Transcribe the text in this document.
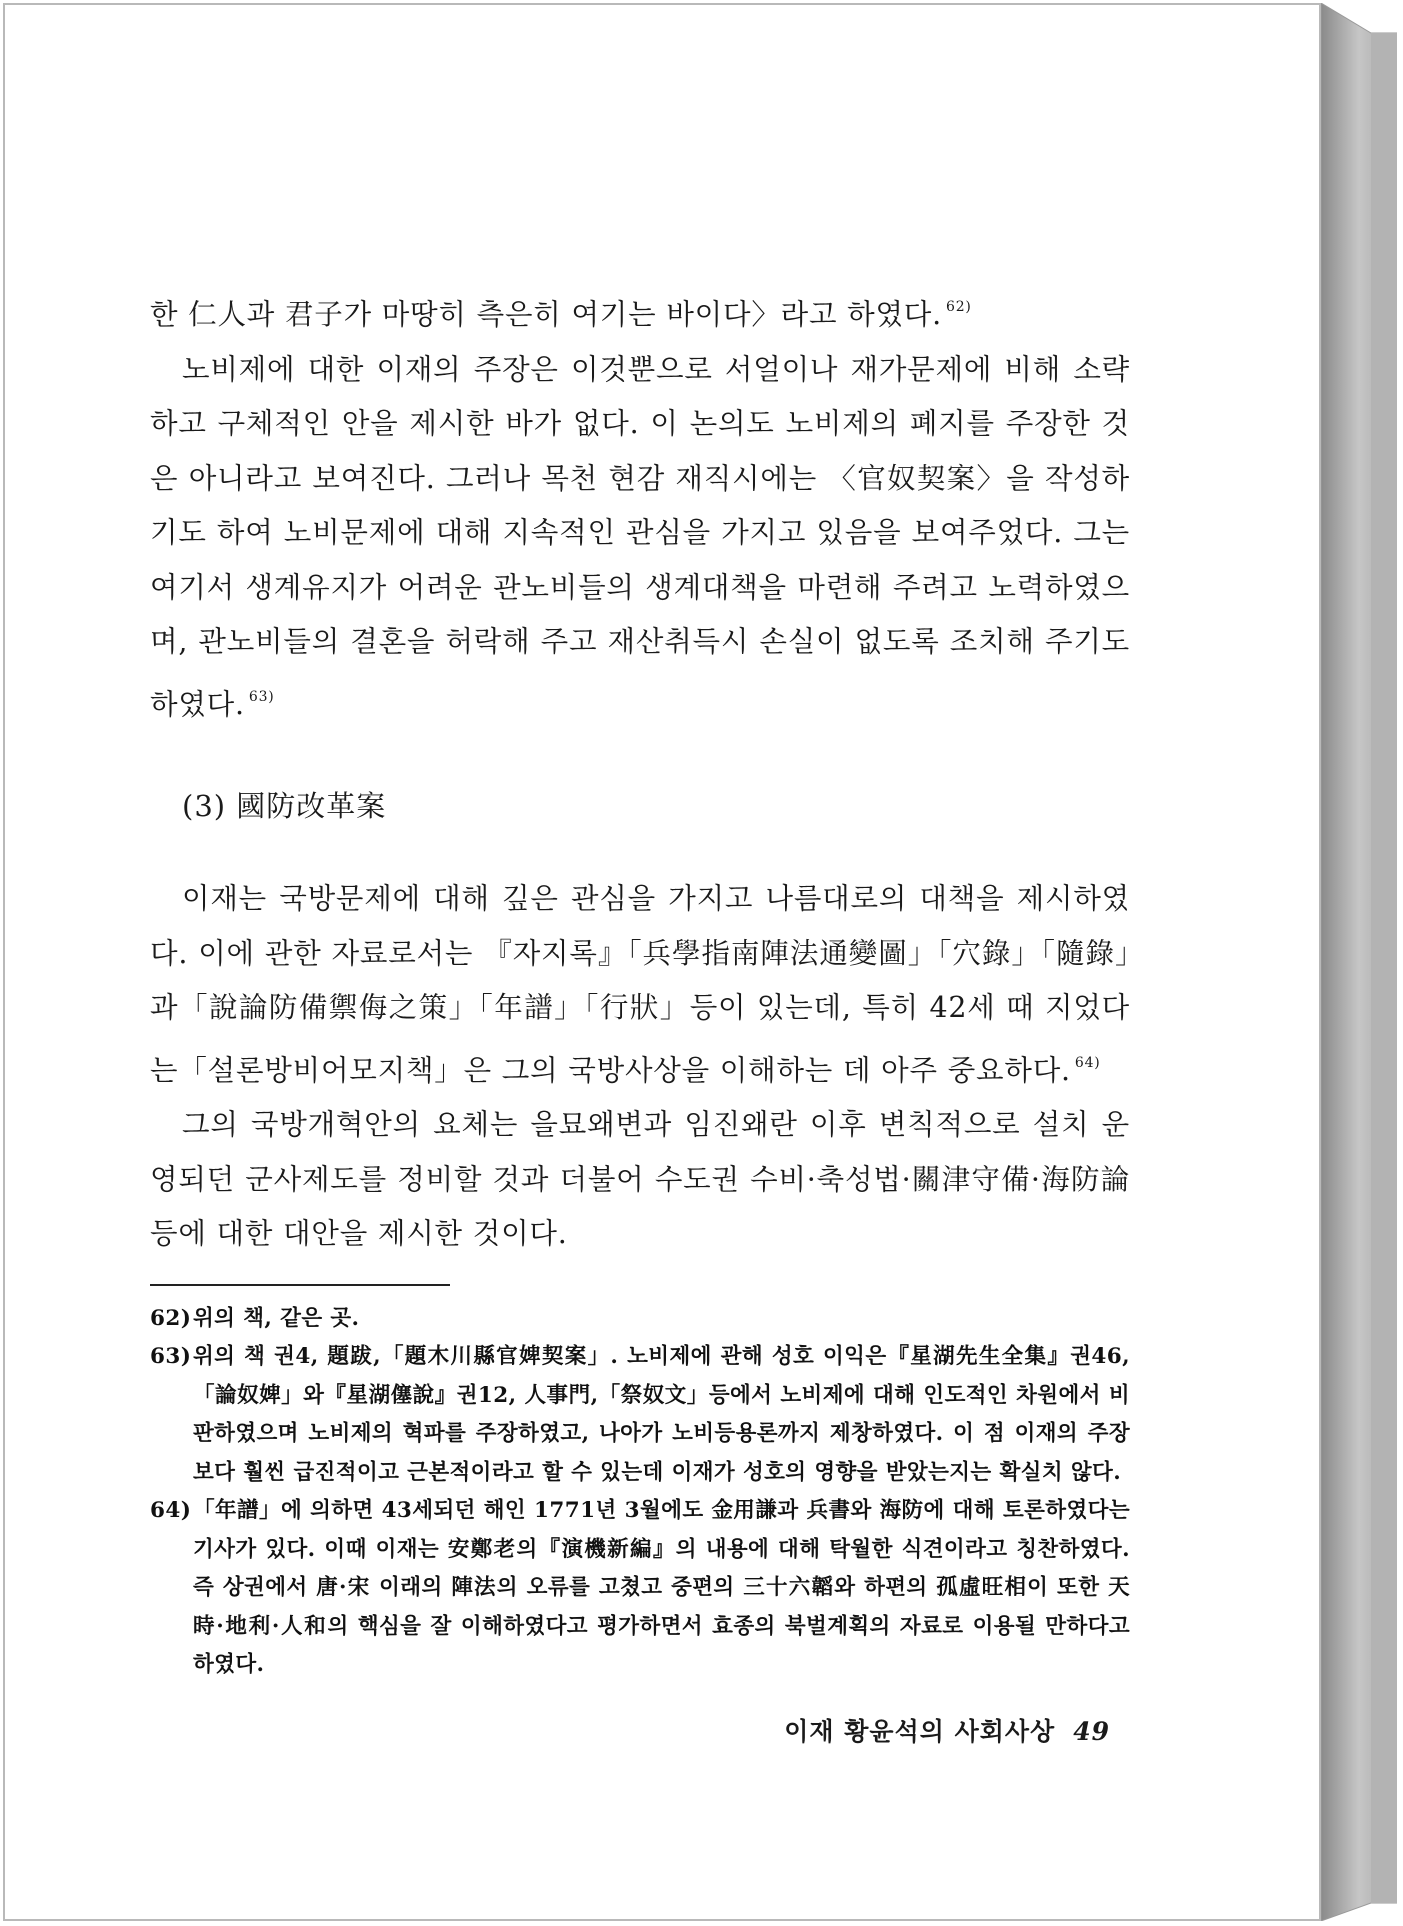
한 仁人과 君子가 마땅히 측은히 여기는 바이다〉라고 하였다. $^{62)}$

노비제에 대한 이재의 주장은 이것뿐으로 서얼이나 재가문제에 비해 소략하고 구체적인 안을 제시한 바가 없다. 이 논의도 노비제의 폐지를 주장한 것은 아니라고 보여진다. 그러나 목천 현감 재직시에는 〈官奴契案〉을 작성하기도 하여 노비문제에 대해 지속적인 관심을 가지고 있음을 보여주었다. 그는 여기서 생계유지가 어려운 관노비들의 생계대책을 마련해 주려고 노력하였으며, 관노비들의 결혼을 허락해 주고 재산취득시 손실이 없도록 조치해 주기도 하였다. $^{63)}$

(3) 國防改革案

이재는 국방문제에 대해 깊은 관심을 가지고 나름대로의 대책을 제시하였다. 이에 관한 자료로서는 『자지록』「兵學指南陣法通變圖」「穴錄」「隨錄」과「說論防備禦侮之策」「年譜」「行狀」등이 있는데, 특히 42세 때 지었다는「설론방비어모지책」은 그의 국방사상을 이해하는 데 아주 중요하다. $^{64)}$

그의 국방개혁안의 요체는 을묘왜변과 임진왜란 이후 변칙적으로 설치 운영되던 군사제도를 정비할 것과 더불어 수도권 수비·축성법·關津守備·海防論 등에 대한 대안을 제시한 것이다.

62)위의 책, 같은 곳.

63)위의 책 권4, 題跋,「題木川縣官婢契案」. 노비제에 관해 성호 이익은『星湖先生全集』권46,「論奴婢」와『星湖僿說』권12, 人事門,「祭奴文」등에서 노비제에 대해 인도적인 차원에서 비판하였으며 노비제의 혁파를 주장하였고, 나아가 노비등용론까지 제창하였다. 이 점 이재의 주장보다 훨씬 급진적이고 근본적이라고 할 수 있는데 이재가 성호의 영향을 받았는지는 확실치 않다.

64)「年譜」에 의하면 43세되던 해인 1771년 3월에도 金用謙과 兵書와 海防에 대해 토론하였다는 기사가 있다. 이때 이재는 安鄭老의『演機新編』의 내용에 대해 탁월한 식견이라고 칭찬하였다. 즉 상권에서 唐·宋 이래의 陣法의 오류를 고쳤고 중편의 三十六韜와 하편의 孤虛旺相이 또한 天時·地利·人和의 핵심을 잘 이해하였다고 평가하면서 효종의 북벌계획의 자료로 이용될 만하다고 하였다.

이재 황윤석의 사회사상 49
